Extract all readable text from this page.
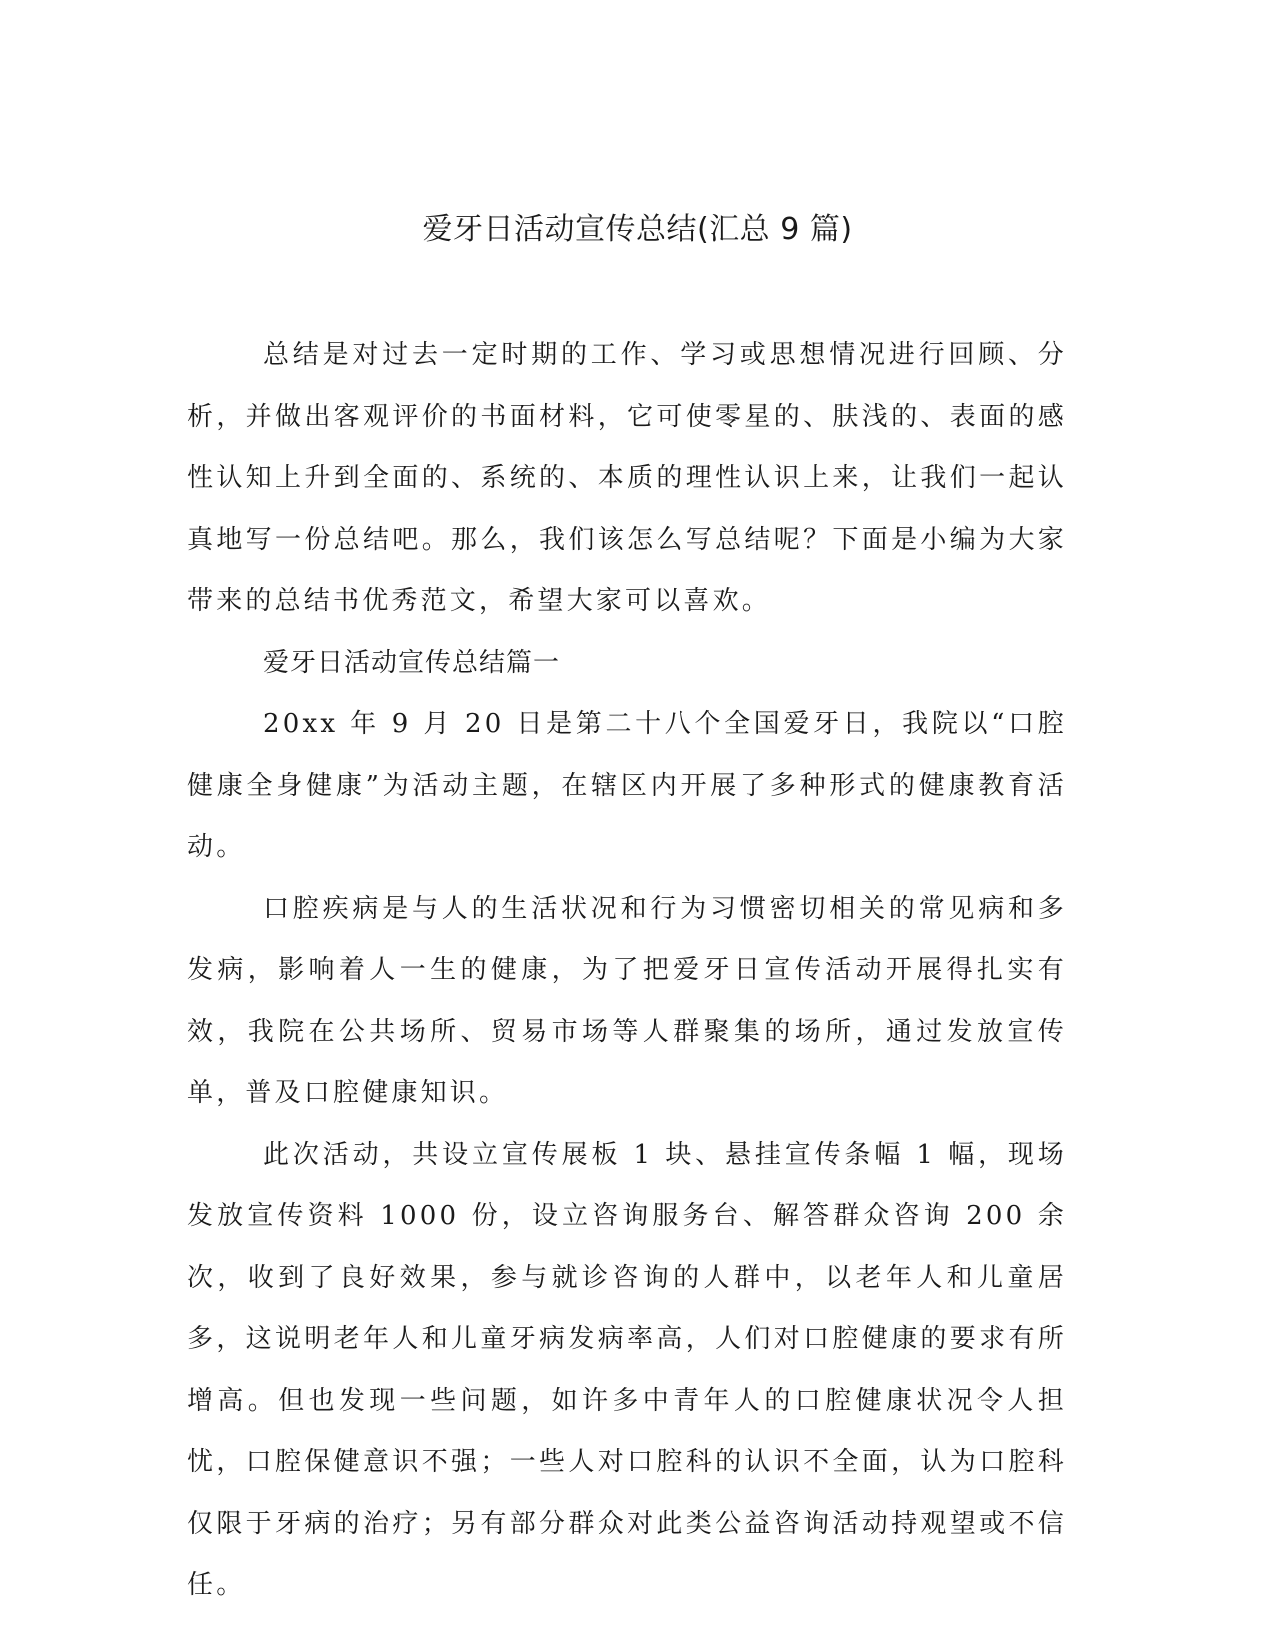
爱牙日活动宣传总结(汇总 9 篇)

总结是对过去一定时期的工作、学习或思想情况进行回顾、分析，并做出客观评价的书面材料，它可使零星的、肤浅的、表面的感性认知上升到全面的、系统的、本质的理性认识上来，让我们一起认真地写一份总结吧。那么，我们该怎么写总结呢？下面是小编为大家带来的总结书优秀范文，希望大家可以喜欢。

爱牙日活动宣传总结篇一

20xx 年 9 月 20 日是第二十八个全国爱牙日，我院以“口腔健康全身健康”为活动主题，在辖区内开展了多种形式的健康教育活动。

口腔疾病是与人的生活状况和行为习惯密切相关的常见病和多发病，影响着人一生的健康，为了把爱牙日宣传活动开展得扎实有效，我院在公共场所、贸易市场等人群聚集的场所，通过发放宣传单，普及口腔健康知识。

此次活动，共设立宣传展板 1 块、悬挂宣传条幅 1 幅，现场发放宣传资料 1000 份，设立咨询服务台、解答群众咨询 200 余次，收到了良好效果，参与就诊咨询的人群中，以老年人和儿童居多，这说明老年人和儿童牙病发病率高，人们对口腔健康的要求有所增高。但也发现一些问题，如许多中青年人的口腔健康状况令人担忧，口腔保健意识不强；一些人对口腔科的认识不全面，认为口腔科仅限于牙病的治疗；另有部分群众对此类公益咨询活动持观望或不信任。
